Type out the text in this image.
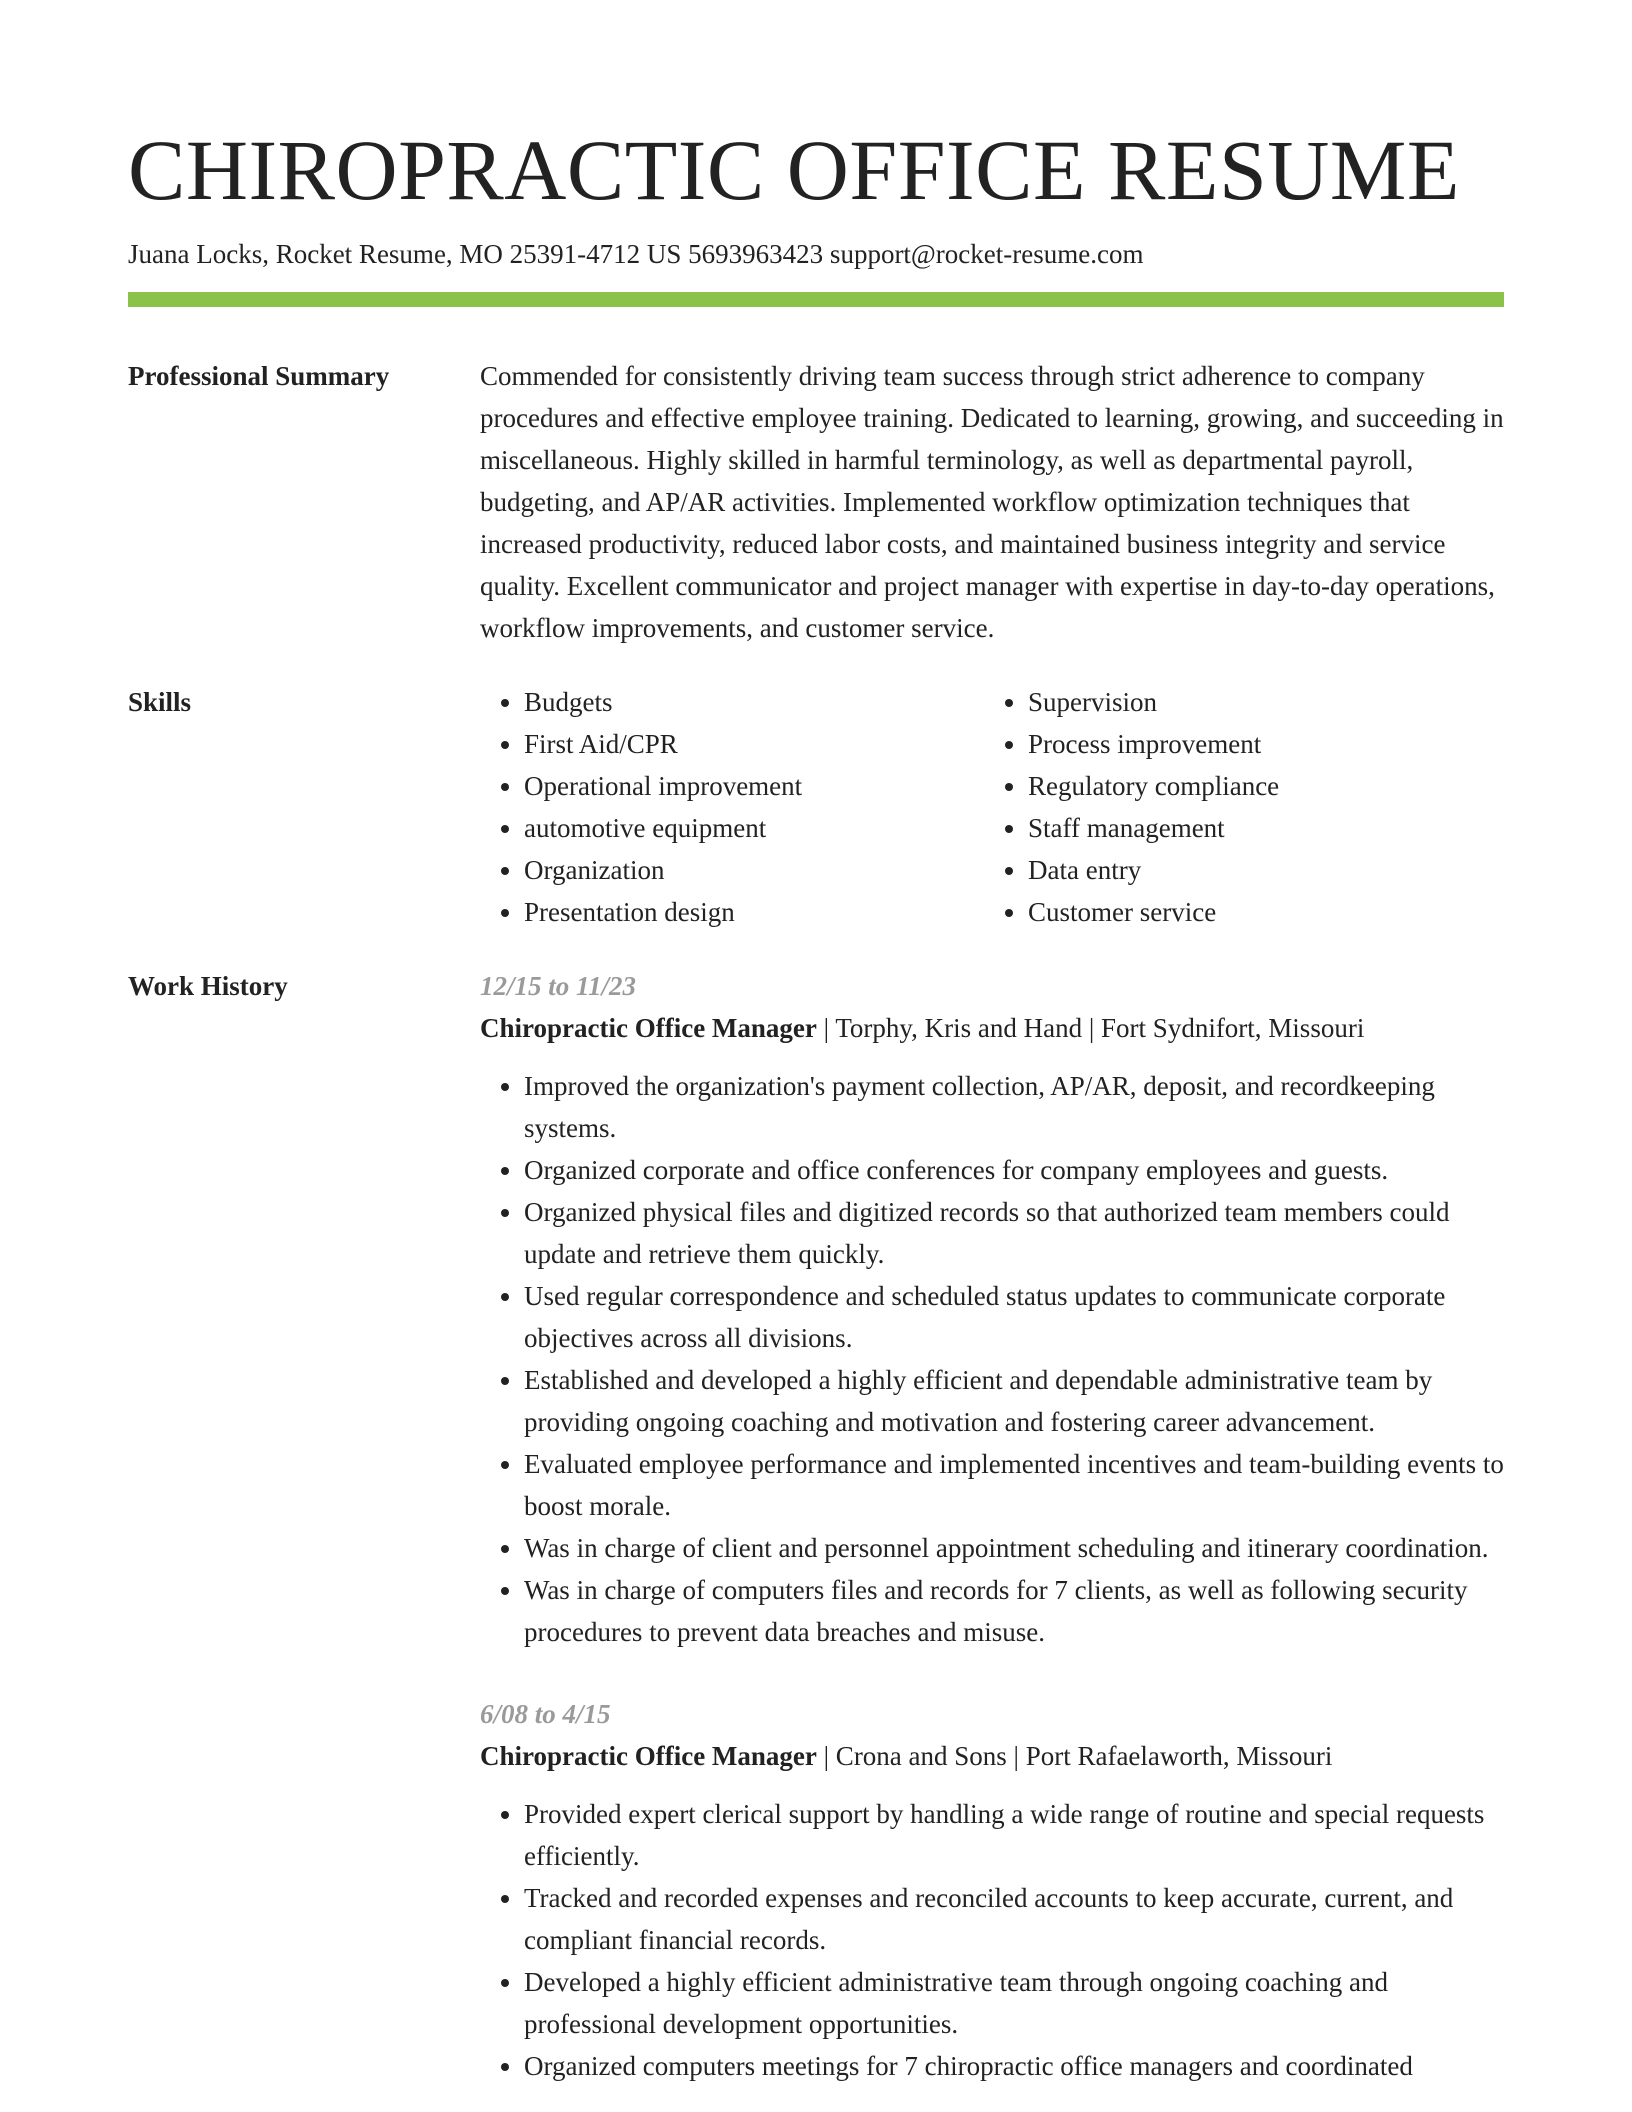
CHIROPRACTIC OFFICE RESUME
Juana Locks, Rocket Resume, MO 25391-4712 US 5693963423 support@rocket-resume.com
Professional Summary	Commended for consistently driving team success through strict adherence to company procedures and effective employee training. Dedicated to learning, growing, and succeeding in miscellaneous. Highly skilled in harmful terminology, as well as departmental payroll, budgeting, and AP/AR activities. Implemented workflow optimization techniques that increased productivity, reduced labor costs, and maintained business integrity and service quality. Excellent communicator and project manager with expertise in day-to-day operations, workflow improvements, and customer service.

Skills
•	Budgets
• First Aid/CPR
• Operational improvement
• automotive equipment
• Organization
• Presentation design
• Supervision
• Process improvement
• Regulatory compliance
• Staff management
• Data entry
• Customer service
Work History	12/15 to 11/23
Chiropractic Office Manager | Torphy, Kris and Hand | Fort Sydnifort, Missouri
• Improved the organization's payment collection, AP/AR, deposit, and recordkeeping systems.
• Organized corporate and office conferences for company employees and guests.
• Organized physical files and digitized records so that authorized team members could update and retrieve them quickly.
• Used regular correspondence and scheduled status updates to communicate corporate objectives across all divisions.
• Established and developed a highly efficient and dependable administrative team by providing ongoing coaching and motivation and fostering career advancement.
• Evaluated employee performance and implemented incentives and team-building events to boost morale.
• Was in charge of client and personnel appointment scheduling and itinerary coordination.
• Was in charge of computers files and records for 7 clients, as well as following security procedures to prevent data breaches and misuse.
6/08 to 4/15
Chiropractic Office Manager | Crona and Sons | Port Rafaelaworth, Missouri
• Provided expert clerical support by handling a wide range of routine and special requests efficiently.
• Tracked and recorded expenses and reconciled accounts to keep accurate, current, and compliant financial records.
• Developed a highly efficient administrative team through ongoing coaching and professional development opportunities.
• Organized computers meetings for 7 chiropractic office managers and coordinated
